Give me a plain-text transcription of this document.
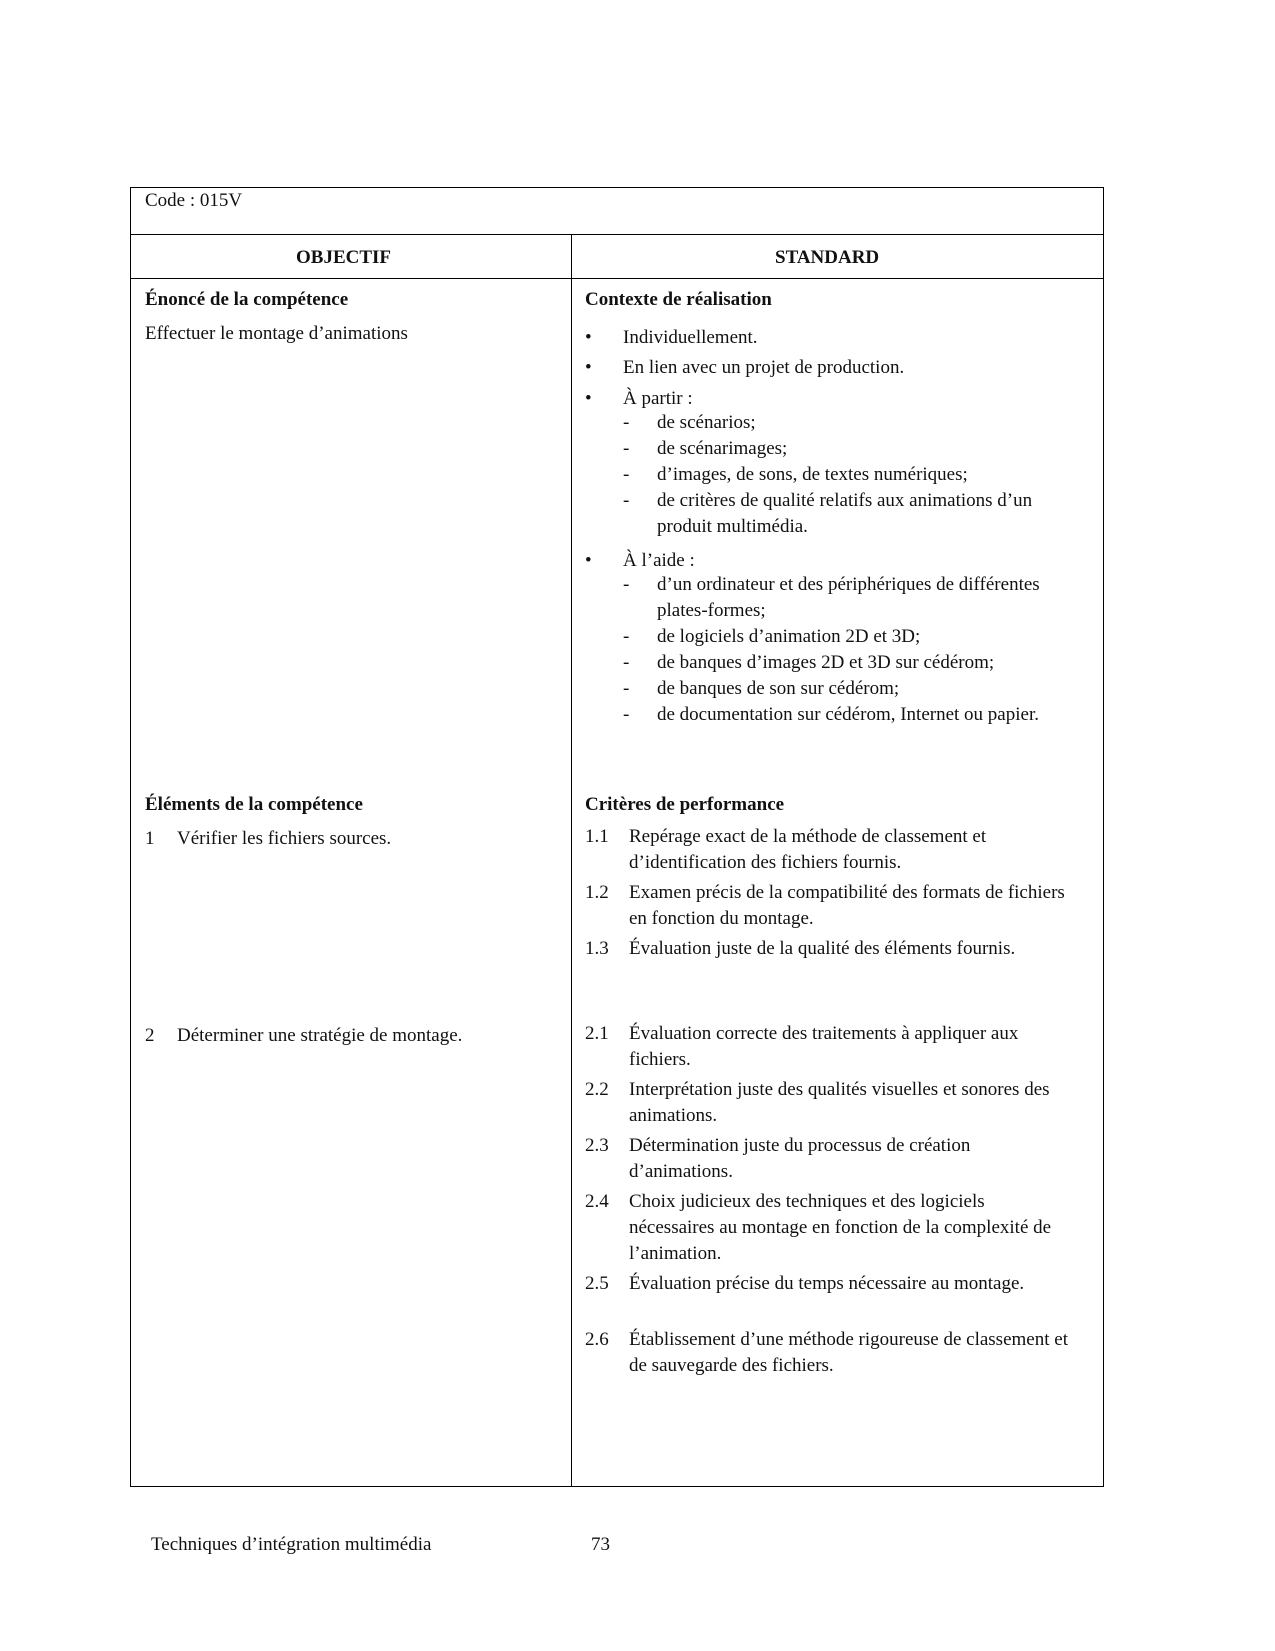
Code : 015V
OBJECTIF	STANDARD
Énoncé de la compétence
Effectuer le montage d’animations
Éléments de la compétence
1 Vérifier les fichiers sources.
2 Déterminer une stratégie de montage.
Contexte de réalisation
• Individuellement.
• En lien avec un projet de production.
• À partir :
- de scénarios;
- de scénarimages;
- d’images, de sons, de textes numériques;
- de critères de qualité relatifs aux animations d’un produit multimédia.
• À l’aide :
- d’un ordinateur et des périphériques de différentes plates-formes;
- de logiciels d’animation 2D et 3D;
- de banques d’images 2D et 3D sur cédérom;
- de banques de son sur cédérom;
- de documentation sur cédérom, Internet ou papier.
Critères de performance
1.1 Repérage exact de la méthode de classement et d’identification des fichiers fournis.
1.2 Examen précis de la compatibilité des formats de fichiers en fonction du montage.
1.3 Évaluation juste de la qualité des éléments fournis.
2.1 Évaluation correcte des traitements à appliquer aux fichiers.
2.2 Interprétation juste des qualités visuelles et sonores des animations.
2.3 Détermination juste du processus de création d’animations.
2.4 Choix judicieux des techniques et des logiciels nécessaires au montage en fonction de la complexité de l’animation.
2.5 Évaluation précise du temps nécessaire au montage.
2.6 Établissement d’une méthode rigoureuse de classement et de sauvegarde des fichiers.
Techniques d’intégration multimédia	73
